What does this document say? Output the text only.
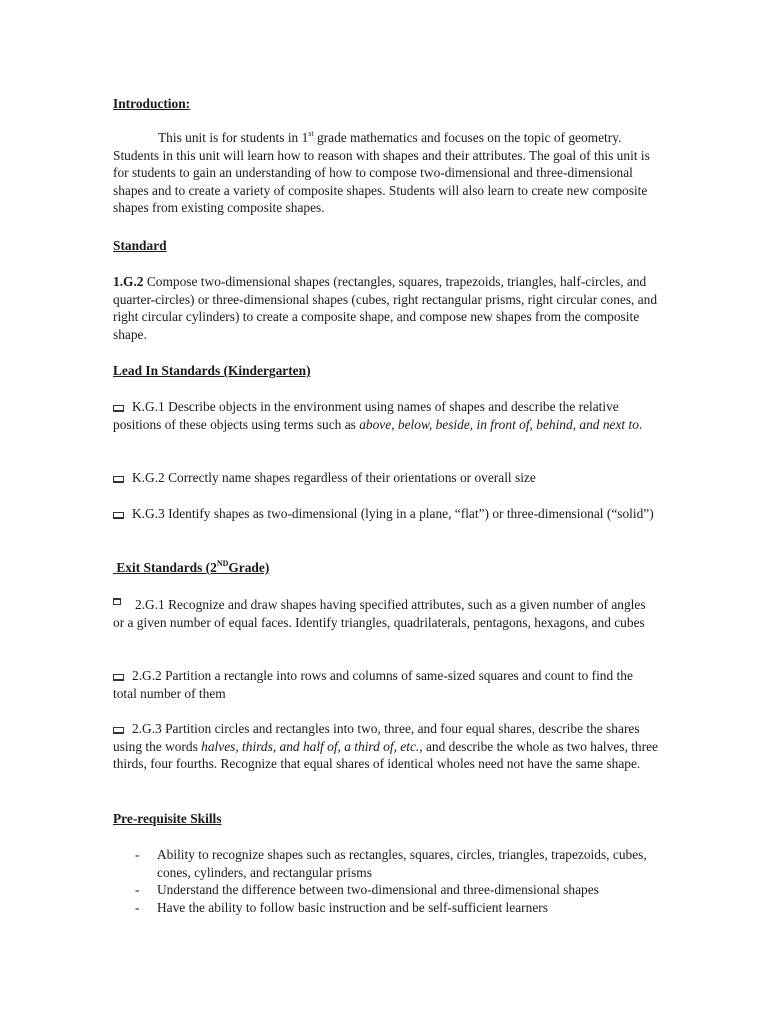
Introduction:

This unit is for students in 1st grade mathematics and focuses on the topic of geometry. Students in this unit will learn how to reason with shapes and their attributes. The goal of this unit is for students to gain an understanding of how to compose two-dimensional and three-dimensional shapes and to create a variety of composite shapes. Students will also learn to create new composite shapes from existing composite shapes.

Standard

1.G.2 Compose two-dimensional shapes (rectangles, squares, trapezoids, triangles, half-circles, and quarter-circles) or three-dimensional shapes (cubes, right rectangular prisms, right circular cones, and right circular cylinders) to create a composite shape, and compose new shapes from the composite shape.

Lead In Standards (Kindergarten)

K.G.1 Describe objects in the environment using names of shapes and describe the relative positions of these objects using terms such as above, below, beside, in front of, behind, and next to.

K.G.2 Correctly name shapes regardless of their orientations or overall size

K.G.3 Identify shapes as two-dimensional (lying in a plane, “flat”) or three-dimensional (“solid”)

Exit Standards (2NDGrade)

2.G.1 Recognize and draw shapes having specified attributes, such as a given number of angles or a given number of equal faces. Identify triangles, quadrilaterals, pentagons, hexagons, and cubes

2.G.2 Partition a rectangle into rows and columns of same-sized squares and count to find the total number of them

2.G.3 Partition circles and rectangles into two, three, and four equal shares, describe the shares using the words halves, thirds, and half of, a third of, etc., and describe the whole as two halves, three thirds, four fourths. Recognize that equal shares of identical wholes need not have the same shape.

Pre-requisite Skills

- Ability to recognize shapes such as rectangles, squares, circles, triangles, trapezoids, cubes, cones, cylinders, and rectangular prisms
- Understand the difference between two-dimensional and three-dimensional shapes
- Have the ability to follow basic instruction and be self-sufficient learners
